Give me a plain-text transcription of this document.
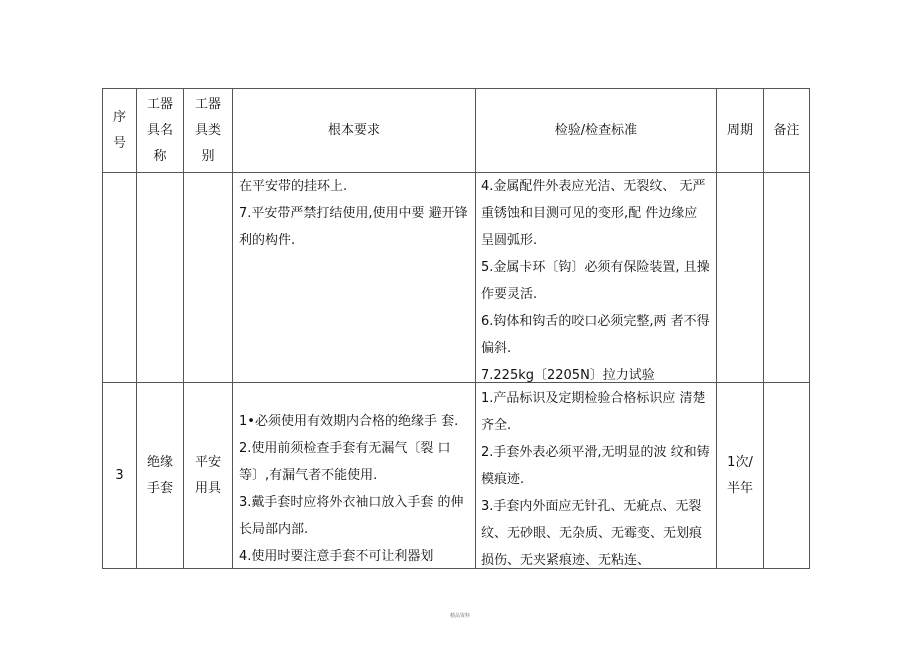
序
号
工器
具名
称
工器
具类
别
根本要求	检验/检查标准	周期 备注
在平安带的挂环上.
7.平安带严禁打结使用,使用中要 避开锋利的构件.
4.金属配件外表应光洁、无裂纹、 无严重锈蚀和目测可见的变形,配 件边缘应呈圆弧形.
5.金属卡环〔钩〕必须有保险装置, 且操作要灵活.
6.钩体和钩舌的咬口必须完整,两 者不得偏斜.
7.225kg〔2205N〕拉力试验
3
绝缘
手套
平安
用具
1•必须使用有效期内合格的绝缘手 套.
2.使用前须检查手套有无漏气〔裂 口等〕,有漏气者不能使用.
3.戴手套时应将外衣袖口放入手套 的伸长局部内部.
4.使用时要注意手套不可让利器划
1.产品标识及定期检验合格标识应 清楚齐全.
2.手套外表必须平滑,无明显的波 纹和铸模痕迹.
3.手套内外面应无针孔、无疵点、无裂纹、无砂眼、无杂质、无霉变、无划痕损伤、无夹紧痕迹、无粘连、
1次/
半年
精品资料
